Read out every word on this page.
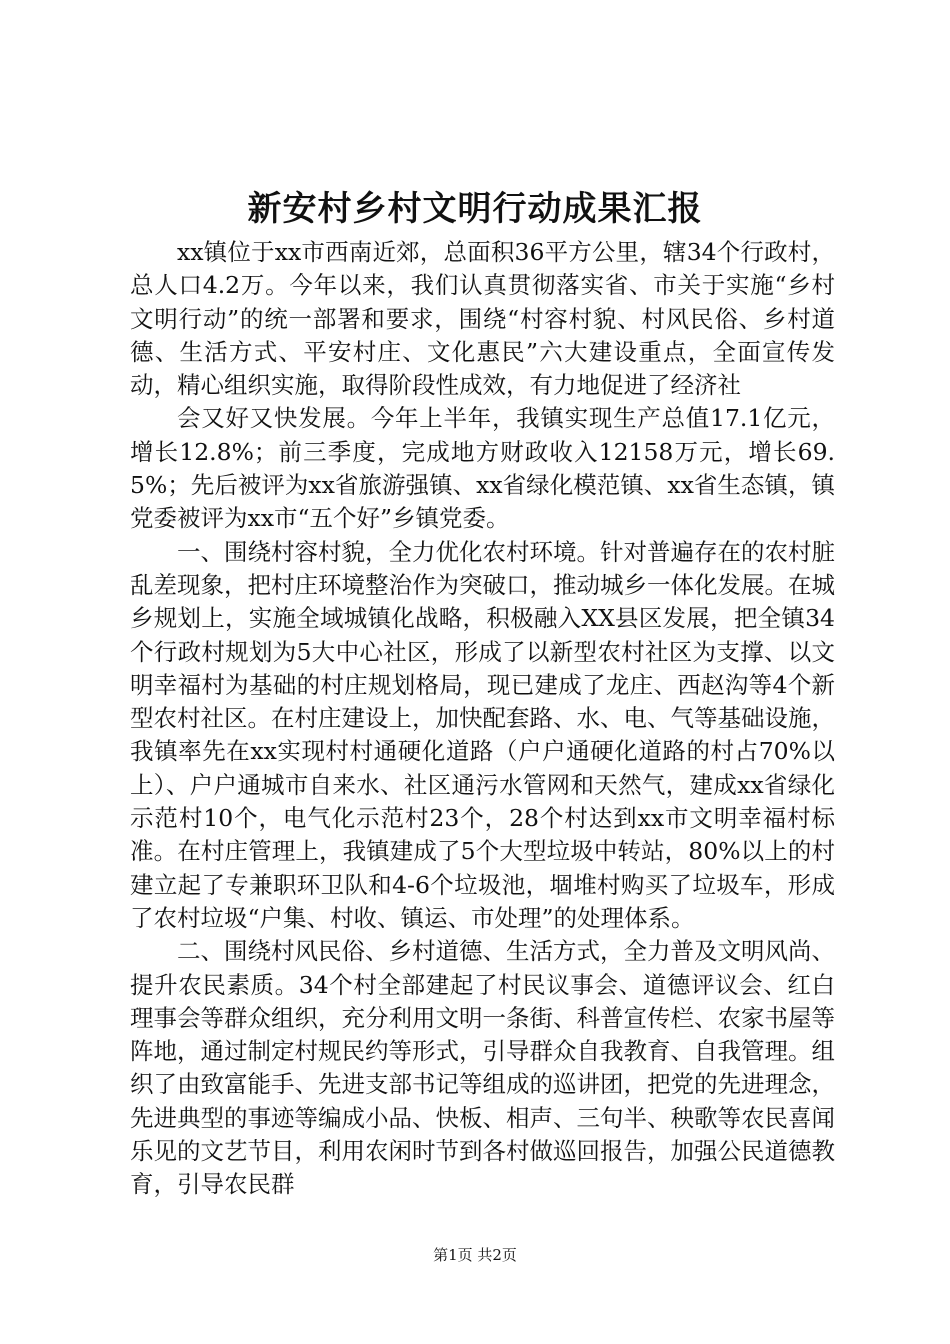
新安村乡村文明行动成果汇报

xx镇位于xx市西南近郊，总面积36平方公里，辖34个行政村，总人口4.2万。今年以来，我们认真贯彻落实省、市关于实施“乡村文明行动”的统一部署和要求，围绕“村容村貌、村风民俗、乡村道德、生活方式、平安村庄、文化惠民”六大建设重点，全面宣传发动，精心组织实施，取得阶段性成效，有力地促进了经济社

会又好又快发展。今年上半年，我镇实现生产总值17.1亿元，增长12.8%；前三季度，完成地方财政收入12158万元，增长69.5%；先后被评为xx省旅游强镇、xx省绿化模范镇、xx省生态镇，镇党委被评为xx市“五个好”乡镇党委。

一、围绕村容村貌，全力优化农村环境。针对普遍存在的农村脏乱差现象，把村庄环境整治作为突破口，推动城乡一体化发展。在城乡规划上，实施全域城镇化战略，积极融入XX县区发展，把全镇34个行政村规划为5大中心社区，形成了以新型农村社区为支撑、以文明幸福村为基础的村庄规划格局，现已建成了龙庄、西赵沟等4个新型农村社区。在村庄建设上，加快配套路、水、电、气等基础设施，我镇率先在xx实现村村通硬化道路（户户通硬化道路的村占70%以上）、户户通城市自来水、社区通污水管网和天然气，建成xx省绿化示范村10个，电气化示范村23个，28个村达到xx市文明幸福村标准。在村庄管理上，我镇建成了5个大型垃圾中转站，80%以上的村建立起了专兼职环卫队和4-6个垃圾池，堌堆村购买了垃圾车，形成了农村垃圾“户集、村收、镇运、市处理”的处理体系。

二、围绕村风民俗、乡村道德、生活方式，全力普及文明风尚、提升农民素质。34个村全部建起了村民议事会、道德评议会、红白理事会等群众组织，充分利用文明一条街、科普宣传栏、农家书屋等阵地，通过制定村规民约等形式，引导群众自我教育、自我管理。组织了由致富能手、先进支部书记等组成的巡讲团，把党的先进理念，先进典型的事迹等编成小品、快板、相声、三句半、秧歌等农民喜闻乐见的文艺节目，利用农闲时节到各村做巡回报告，加强公民道德教育，引导农民群

第1页 共2页
